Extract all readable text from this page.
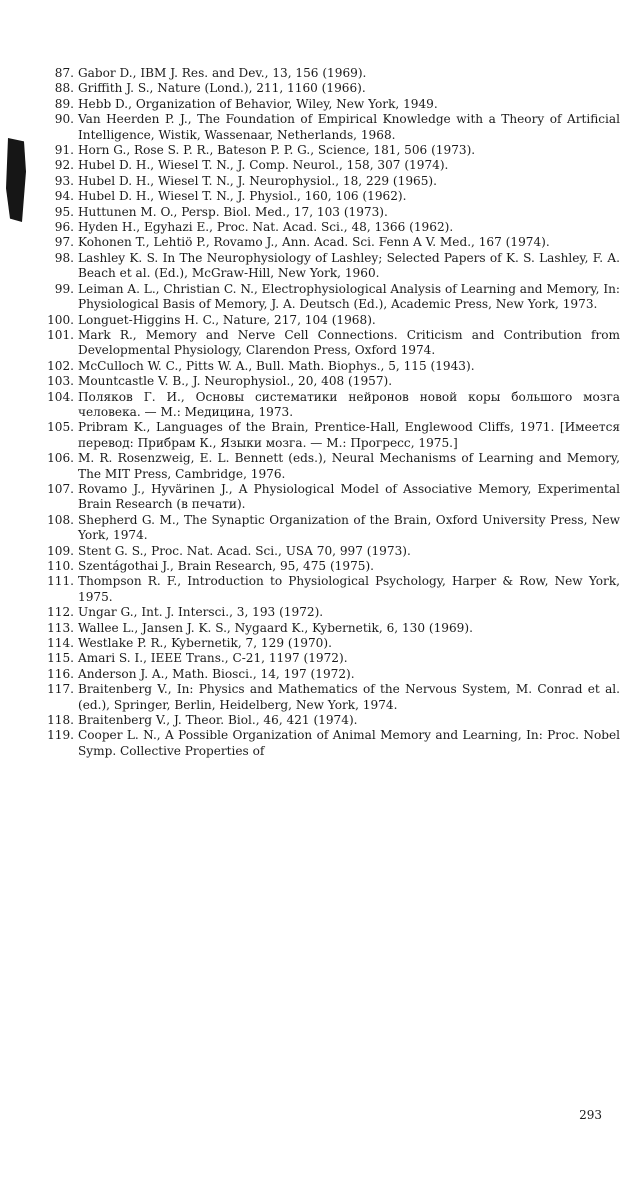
87. Gabor D., IBM J. Res. and Dev., 13, 156 (1969).
88. Griffith J. S., Nature (Lond.), 211, 1160 (1966).
89. Hebb D., Organization of Behavior, Wiley, New York, 1949.
90. Van Heerden P. J., The Foundation of Empirical Knowledge with a Theory of Artificial Intelligence, Wistik, Wassenaar, Netherlands, 1968.
91. Horn G., Rose S. P. R., Bateson P. P. G., Science, 181, 506 (1973).
92. Hubel D. H., Wiesel T. N., J. Comp. Neurol., 158, 307 (1974).
93. Hubel D. H., Wiesel T. N., J. Neurophysiol., 18, 229 (1965).
94. Hubel D. H., Wiesel T. N., J. Physiol., 160, 106 (1962).
95. Huttunen M. O., Persp. Biol. Med., 17, 103 (1973).
96. Hyden H., Egyhazi E., Proc. Nat. Acad. Sci., 48, 1366 (1962).
97. Kohonen T., Lehtiö P., Rovamo J., Ann. Acad. Sci. Fenn A V. Med., 167 (1974).
98. Lashley K. S. In The Neurophysiology of Lashley; Selected Papers of K. S. Lashley, F. A. Beach et al. (Ed.), McGraw-Hill, New York, 1960.
99. Leiman A. L., Christian C. N., Electrophysiological Analysis of Learning and Memory, In: Physiological Basis of Memory, J. A. Deutsch (Ed.), Academic Press, New York, 1973.
100. Longuet-Higgins H. C., Nature, 217, 104 (1968).
101. Mark R., Memory and Nerve Cell Connections. Criticism and Contribution from Developmental Physiology, Clarendon Press, Oxford 1974.
102. McCulloch W. C., Pitts W. A., Bull. Math. Biophys., 5, 115 (1943).
103. Mountcastle V. B., J. Neurophysiol., 20, 408 (1957).
104. Поляков Г. И., Основы систематики нейронов новой коры большого мозга человека. — М.: Медицина, 1973.
105. Pribram K., Languages of the Brain, Prentice-Hall, Englewood Cliffs, 1971. [Имеется перевод: Прибрам К., Языки мозга. — М.: Прогресс, 1975.]
106. M. R. Rosenzweig, E. L. Bennett (eds.), Neural Mechanisms of Learning and Memory, The MIT Press, Cambridge, 1976.
107. Rovamo J., Hyvärinen J., A Physiological Model of Associative Memory, Experimental Brain Research (в печати).
108. Shepherd G. M., The Synaptic Organization of the Brain, Oxford University Press, New York, 1974.
109. Stent G. S., Proc. Nat. Acad. Sci., USA 70, 997 (1973).
110. Szentágothai J., Brain Research, 95, 475 (1975).
111. Thompson R. F., Introduction to Physiological Psychology, Harper & Row, New York, 1975.
112. Ungar G., Int. J. Intersci., 3, 193 (1972).
113. Wallee L., Jansen J. K. S., Nygaard K., Kybernetik, 6, 130 (1969).
114. Westlake P. R., Kybernetik, 7, 129 (1970).
115. Amari S. I., IEEE Trans., C-21, 1197 (1972).
116. Anderson J. A., Math. Biosci., 14, 197 (1972).
117. Braitenberg V., In: Physics and Mathematics of the Nervous System, M. Conrad et al. (ed.), Springer, Berlin, Heidelberg, New York, 1974.
118. Braitenberg V., J. Theor. Biol., 46, 421 (1974).
119. Cooper L. N., A Possible Organization of Animal Memory and Learning, In: Proc. Nobel Symp. Collective Properties of
293
